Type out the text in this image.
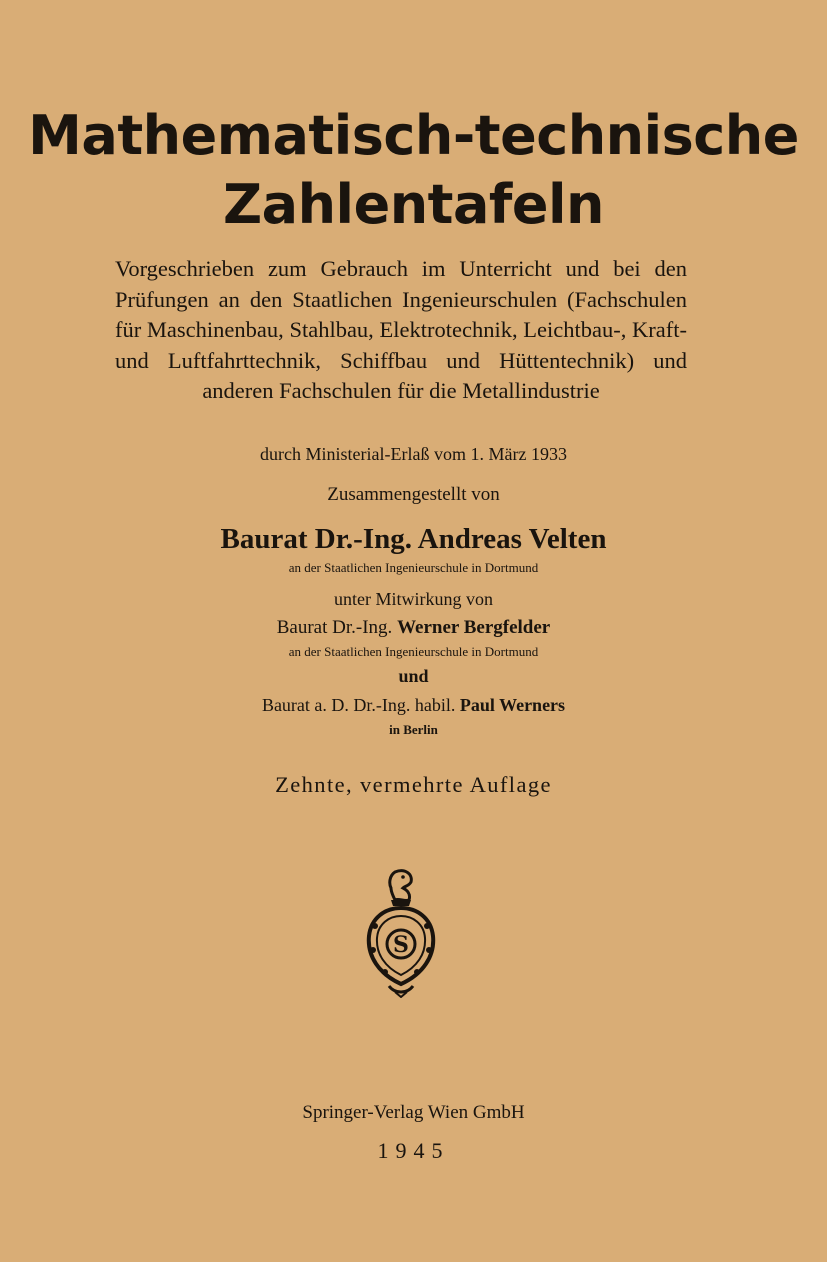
Mathematisch-technische
Zahlentafeln
Vorgeschrieben zum Gebrauch im Unterricht und bei den Prüfungen an den Staatlichen Ingenieurschulen (Fachschulen für Maschinenbau, Stahlbau, Elektrotechnik, Leichtbau-, Kraft- und Luftfahrttechnik, Schiffbau und Hüttentechnik) und anderen Fachschulen für die Metallindustrie
durch Ministerial-Erlaß vom 1. März 1933
Zusammengestellt von
Baurat Dr.-Ing. Andreas Velten
an der Staatlichen Ingenieurschule in Dortmund
unter Mitwirkung von
Baurat Dr.-Ing. Werner Bergfelder
an der Staatlichen Ingenieurschule in Dortmund
und
Baurat a. D. Dr.-Ing. habil. Paul Werners
in Berlin
Zehnte, vermehrte Auflage
S
Springer-Verlag Wien GmbH
1945
